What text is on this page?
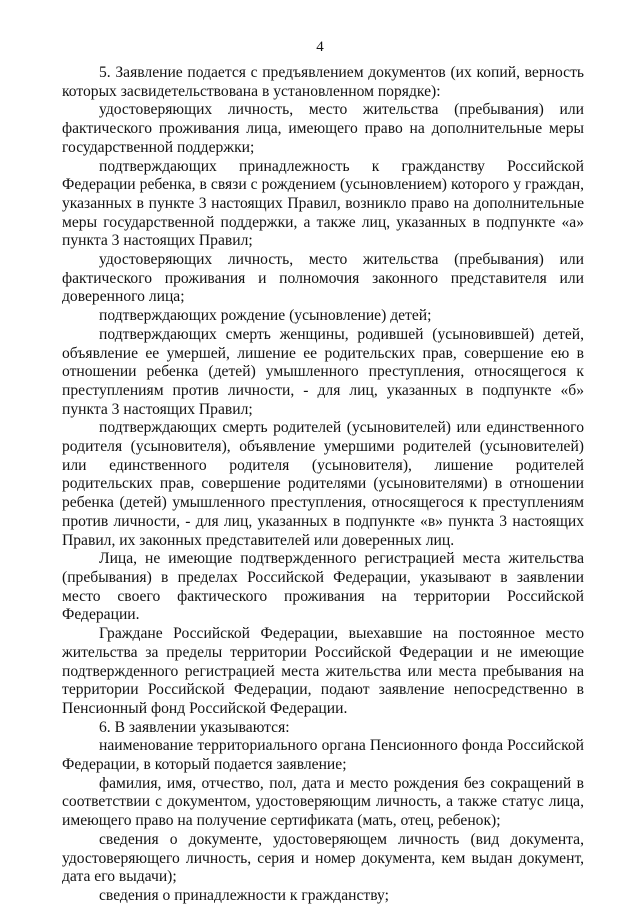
4

5. Заявление подается с предъявлением документов (их копий, верность которых засвидетельствована в установленном порядке):

удостоверяющих личность, место жительства (пребывания) или фактического проживания лица, имеющего право на дополнительные меры государственной поддержки;

подтверждающих принадлежность к гражданству Российской Федерации ребенка, в связи с рождением (усыновлением) которого у граждан, указанных в пункте 3 настоящих Правил, возникло право на дополнительные меры государственной поддержки, а также лиц, указанных в подпункте «а» пункта 3 настоящих Правил;

удостоверяющих личность, место жительства (пребывания) или фактического проживания и полномочия законного представителя или доверенного лица;

подтверждающих рождение (усыновление) детей;

подтверждающих смерть женщины, родившей (усыновившей) детей, объявление ее умершей, лишение ее родительских прав, совершение ею в отношении ребенка (детей) умышленного преступления, относящегося к преступлениям против личности, - для лиц, указанных в подпункте «б» пункта 3 настоящих Правил;

подтверждающих смерть родителей (усыновителей) или единственного родителя (усыновителя), объявление умершими родителей (усыновителей) или единственного родителя (усыновителя), лишение родителей родительских прав, совершение родителями (усыновителями) в отношении ребенка (детей) умышленного преступления, относящегося к преступлениям против личности, - для лиц, указанных в подпункте «в» пункта 3 настоящих Правил, их законных представителей или доверенных лиц.

Лица, не имеющие подтвержденного регистрацией места жительства (пребывания) в пределах Российской Федерации, указывают в заявлении место своего фактического проживания на территории Российской Федерации.

Граждане Российской Федерации, выехавшие на постоянное место жительства за пределы территории Российской Федерации и не имеющие подтвержденного регистрацией места жительства или места пребывания на территории Российской Федерации, подают заявление непосредственно в Пенсионный фонд Российской Федерации.

6. В заявлении указываются:

наименование территориального органа Пенсионного фонда Российской Федерации, в который подается заявление;

фамилия, имя, отчество, пол, дата и место рождения без сокращений в соответствии с документом, удостоверяющим личность, а также статус лица, имеющего право на получение сертификата (мать, отец, ребенок);

сведения о документе, удостоверяющем личность (вид документа, удостоверяющего личность, серия и номер документа, кем выдан документ, дата его выдачи);

сведения о принадлежности к гражданству;
